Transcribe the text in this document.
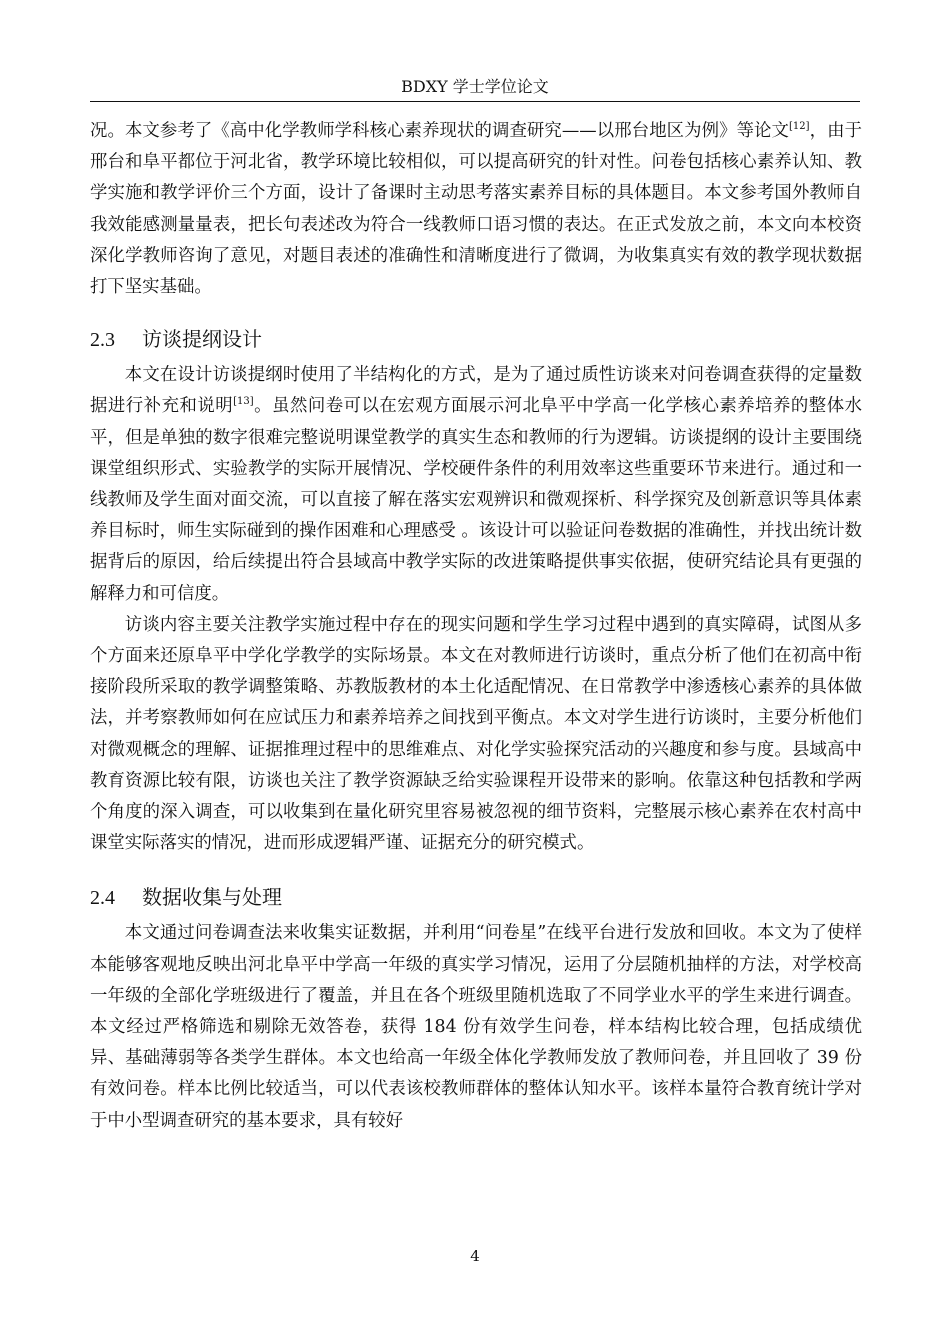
BDXY 学士学位论文

况。本文参考了《高中化学教师学科核心素养现状的调查研究——以邢台地区为例》等论文[12]，由于邢台和阜平都位于河北省，教学环境比较相似，可以提高研究的针对性。问卷包括核心素养认知、教学实施和教学评价三个方面，设计了备课时主动思考落实素养目标的具体题目。本文参考国外教师自我效能感测量量表，把长句表述改为符合一线教师口语习惯的表达。在正式发放之前，本文向本校资深化学教师咨询了意见，对题目表述的准确性和清晰度进行了微调，为收集真实有效的教学现状数据打下坚实基础。

2.3 访谈提纲设计

本文在设计访谈提纲时使用了半结构化的方式，是为了通过质性访谈来对问卷调查获得的定量数据进行补充和说明[13]。虽然问卷可以在宏观方面展示河北阜平中学高一化学核心素养培养的整体水平，但是单独的数字很难完整说明课堂教学的真实生态和教师的行为逻辑。访谈提纲的设计主要围绕课堂组织形式、实验教学的实际开展情况、学校硬件条件的利用效率这些重要环节来进行。通过和一线教师及学生面对面交流，可以直接了解在落实宏观辨识和微观探析、科学探究及创新意识等具体素养目标时，师生实际碰到的操作困难和心理感受 。该设计可以验证问卷数据的准确性，并找出统计数据背后的原因，给后续提出符合县域高中教学实际的改进策略提供事实依据，使研究结论具有更强的解释力和可信度。

访谈内容主要关注教学实施过程中存在的现实问题和学生学习过程中遇到的真实障碍，试图从多个方面来还原阜平中学化学教学的实际场景。本文在对教师进行访谈时，重点分析了他们在初高中衔接阶段所采取的教学调整策略、苏教版教材的本土化适配情况、在日常教学中渗透核心素养的具体做法，并考察教师如何在应试压力和素养培养之间找到平衡点。本文对学生进行访谈时，主要分析他们对微观概念的理解、证据推理过程中的思维难点、对化学实验探究活动的兴趣度和参与度。县域高中教育资源比较有限，访谈也关注了教学资源缺乏给实验课程开设带来的影响。依靠这种包括教和学两个角度的深入调查，可以收集到在量化研究里容易被忽视的细节资料，完整展示核心素养在农村高中课堂实际落实的情况，进而形成逻辑严谨、证据充分的研究模式。

2.4 数据收集与处理

本文通过问卷调查法来收集实证数据，并利用“问卷星”在线平台进行发放和回收。本文为了使样本能够客观地反映出河北阜平中学高一年级的真实学习情况，运用了分层随机抽样的方法，对学校高一年级的全部化学班级进行了覆盖，并且在各个班级里随机选取了不同学业水平的学生来进行调查。本文经过严格筛选和剔除无效答卷，获得 184 份有效学生问卷，样本结构比较合理，包括成绩优异、基础薄弱等各类学生群体。本文也给高一年级全体化学教师发放了教师问卷，并且回收了 39 份有效问卷。样本比例比较适当，可以代表该校教师群体的整体认知水平。该样本量符合教育统计学对于中小型调查研究的基本要求，具有较好

4
